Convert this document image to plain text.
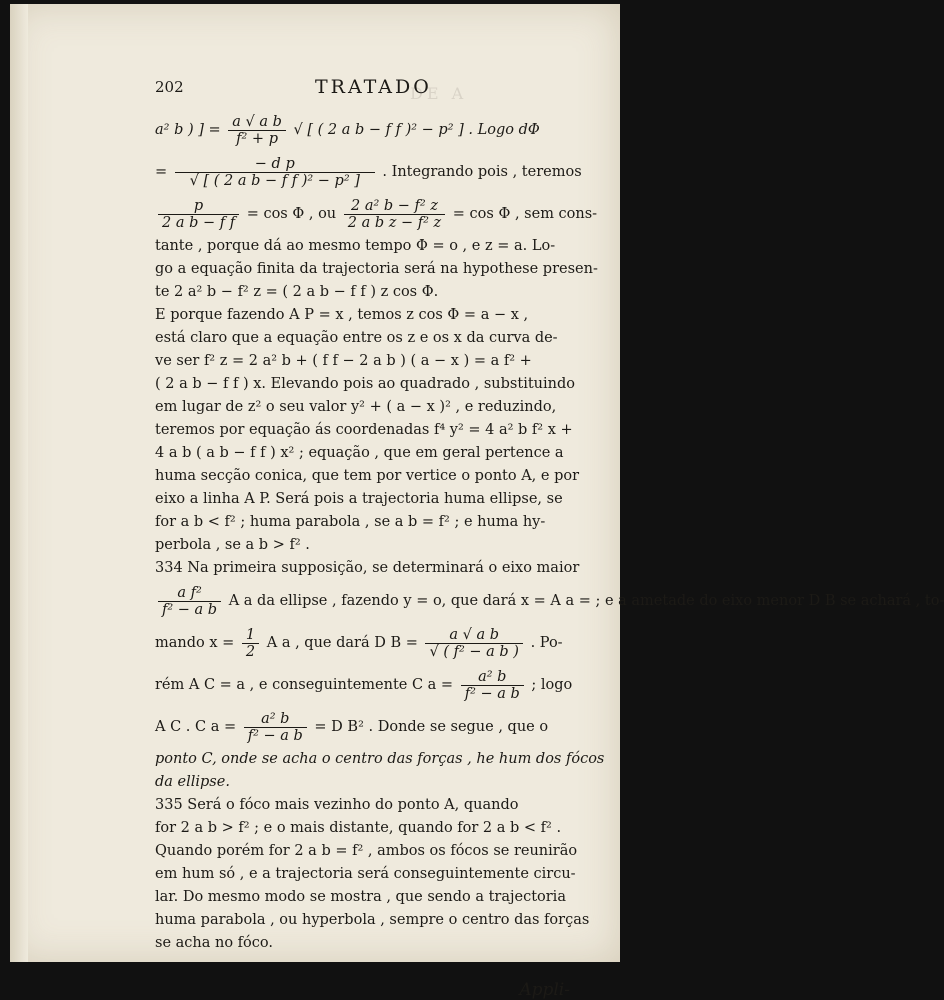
DE A
202	TRATADO
a² b ) ] = $\frac{\text{a √ a b}}{\text{f² + p}}$ √ [ ( 2 a b − f f )² − p² ] . Logo dΦ
= $\frac{\text{− d p}}{\text{√ [ ( 2 a b − f f )² − p² ]}}$ . Integrando pois , teremos
$\frac{p}{\text{2 a b − f f}} = \cos \Phi$ , ou $\frac{\text{2 a² b − f² z}}{\text{2 a b z − f² z}} = \cos \Phi$ , sem cons-
tante , porque dá ao mesmo tempo Φ = o , e z = a. Lo-
go a equação finita da trajectoria será na hypothese presen-
te 2 a² b − f² z = ( 2 a b − f f ) z cos Φ.
E porque fazendo A P = x , temos z cos Φ = a − x ,
está claro que a equação entre os z e os x da curva de-
ve ser f² z = 2 a² b + ( f f − 2 a b ) ( a − x ) = a f² +
( 2 a b − f f ) x. Elevando pois ao quadrado , substituindo
em lugar de z² o seu valor y² + ( a − x )² , e reduzindo,
teremos por equação ás coordenadas f⁴ y² = 4 a² b f² x +
4 a b ( a b − f f ) x² ; equação , que em geral pertence a
huma secção conica, que tem por vertice o ponto A, e por
eixo a linha A P. Será pois a trajectoria huma ellipse, se
for a b < f² ; huma parabola , se a b = f² ; e huma hy-
perbola , se a b > f² .
334 Na primeira supposição, se determinará o eixo maior
$\frac{\text{a f²}}{\text{f² − a b}}$ A a da ellipse , fazendo y = o, que dará x = A a = ; e a ametade do eixo menor D B se achará , to-
mando $x = \frac{1}{2}$ A a , que dará D $B = \frac{\text{a √ a b}}{\text{√ ( f² − a b )}}$ . Po-
rém A C = a , e conseguintemente C $a = \frac{\text{a² b}}{\text{f² − a b}}$ ; logo
A C . C $a = \frac{\text{a² b}}{\text{f² − a b}} = D$ B² . Donde se segue , que o
ponto C, onde se acha o centro das forças , he hum dos fócos
da ellipse.
335 Será o fóco mais vezinho do ponto A, quando
for 2 a b > f² ; e o mais distante, quando for 2 a b < f² .
Quando porém for 2 a b = f² , ambos os fócos se reunirão
em hum só , e a trajectoria será conseguintemente circu-
lar. Do mesmo modo se mostra , que sendo a trajectoria
huma parabola , ou hyperbola , sempre o centro das forças
se acha no fóco.
Appli-
